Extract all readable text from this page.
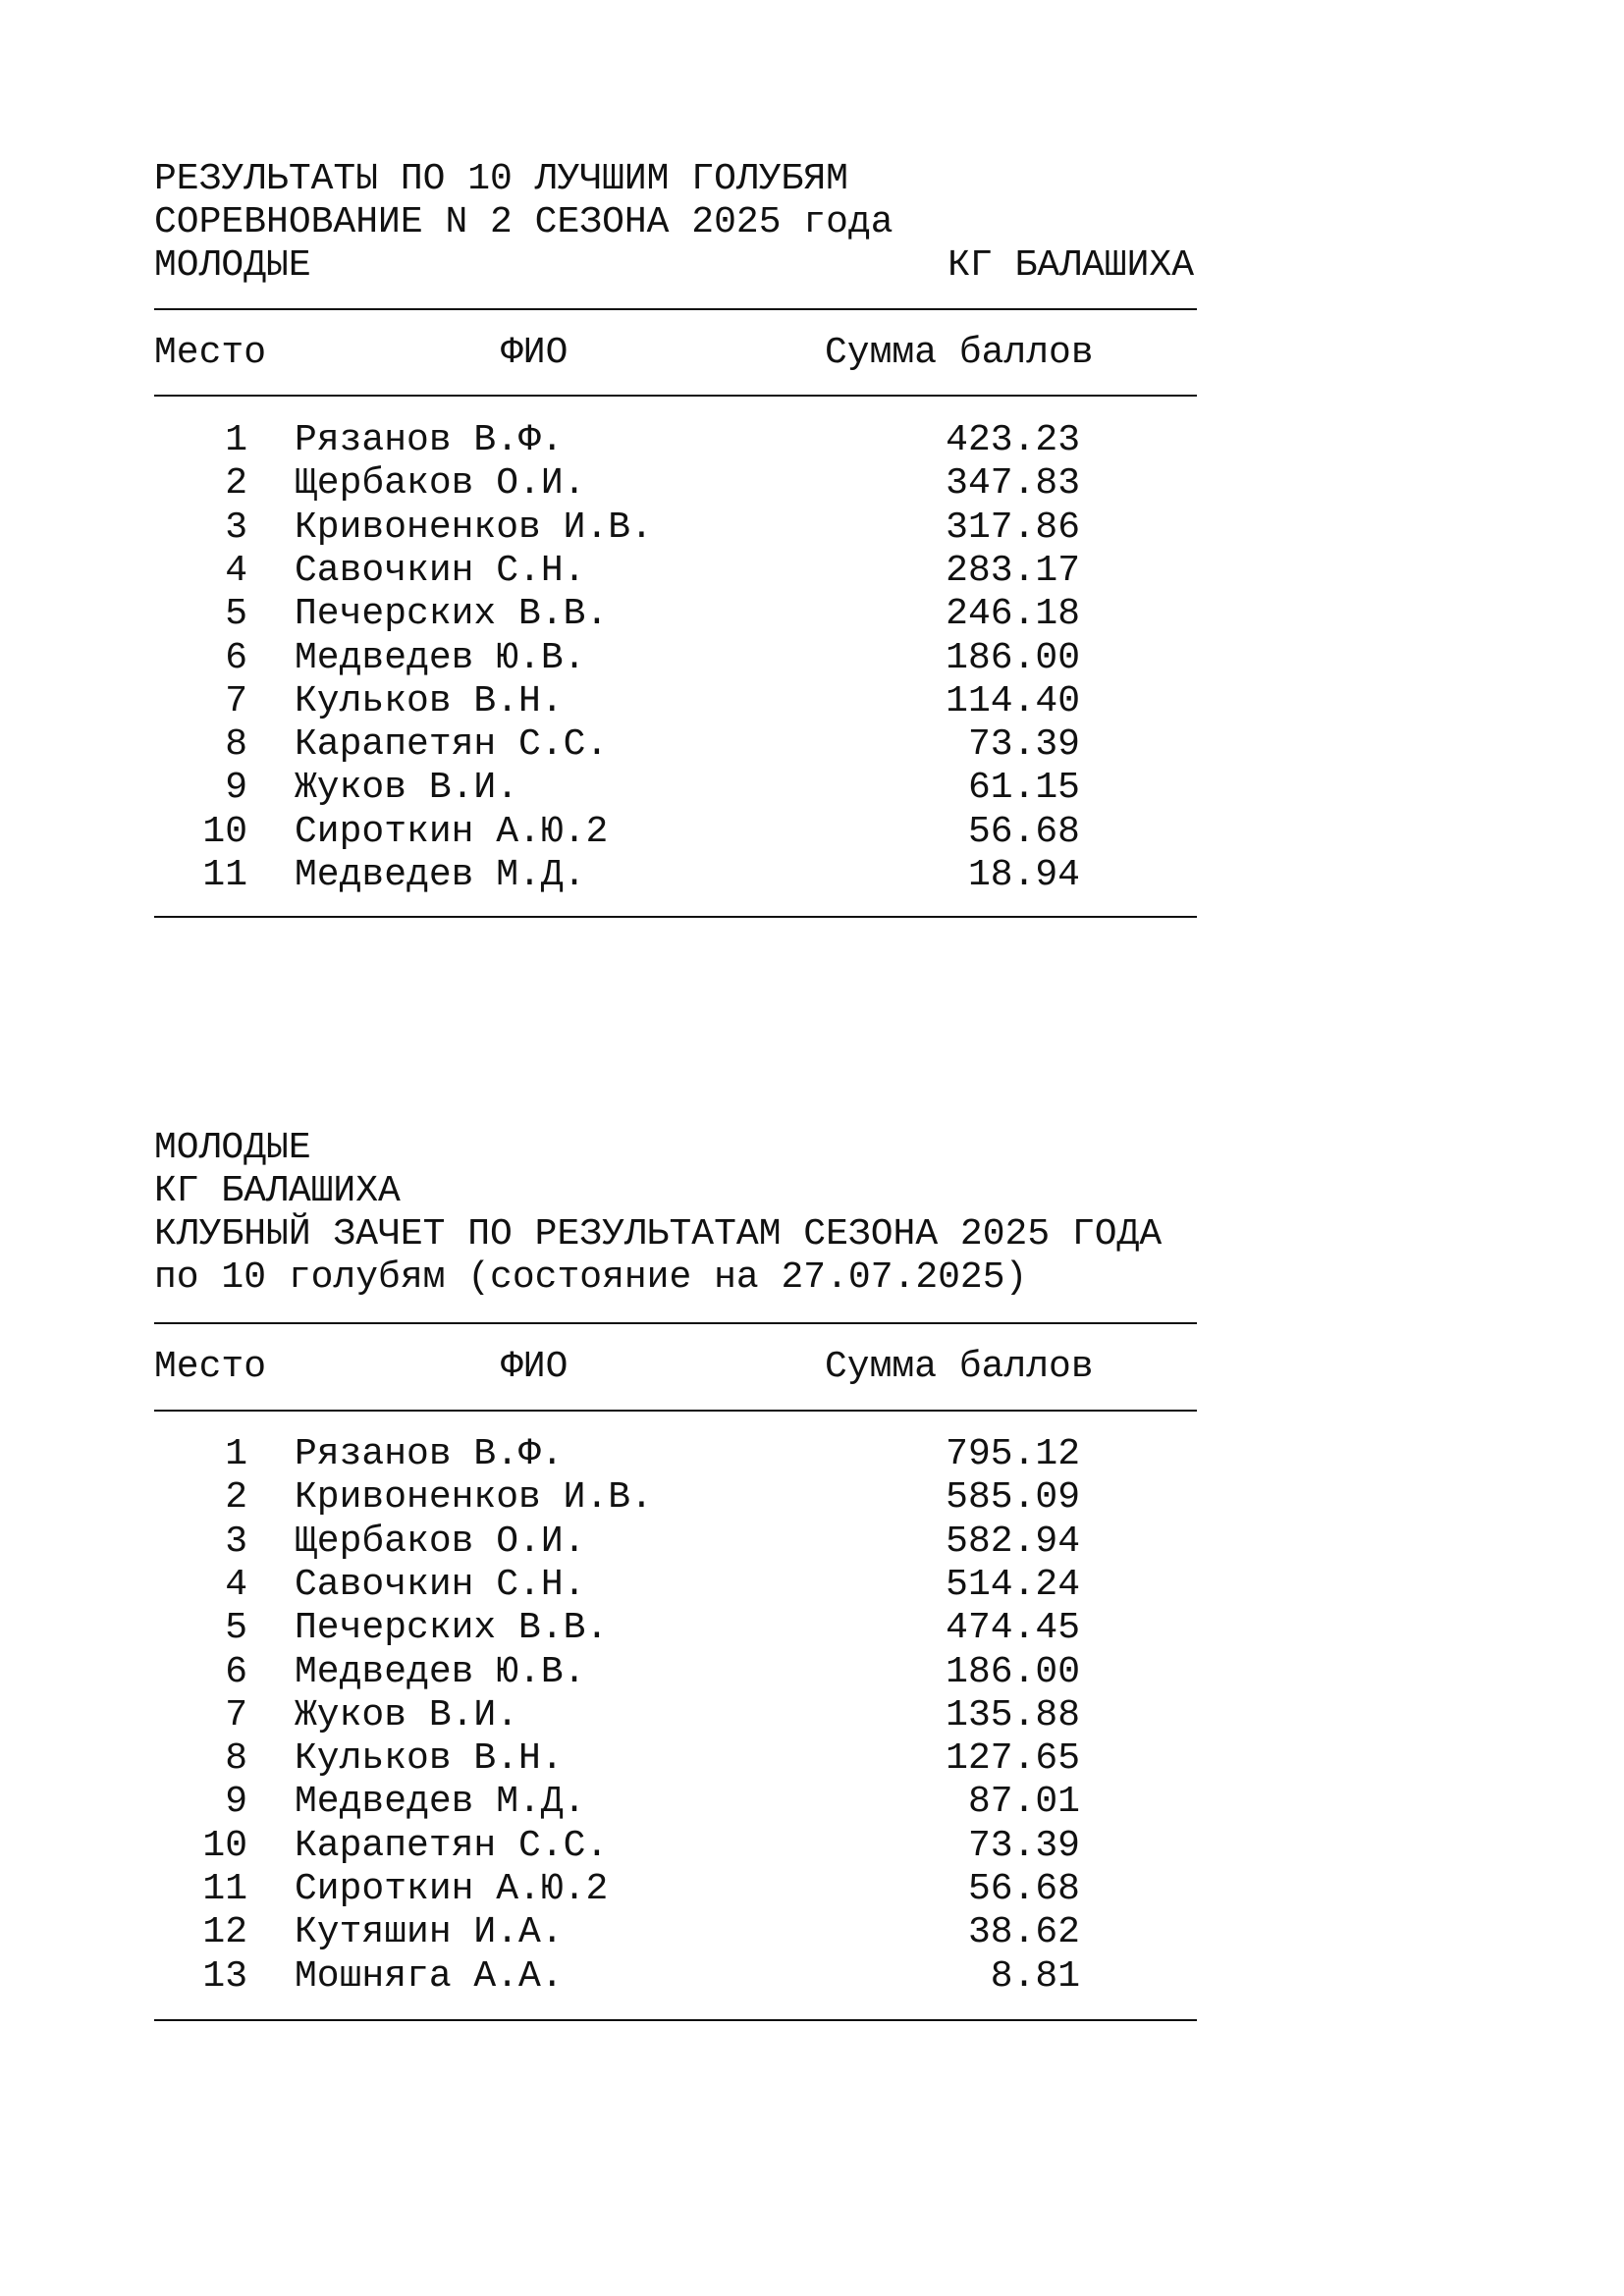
РЕЗУЛЬТАТЫ ПО 10 ЛУЧШИМ ГОЛУБЯМ
СОРЕВНОВАНИЕ N 2 СЕЗОНА 2025 года
МОЛОДЫЕ	КГ БАЛАШИХА
Место	ФИО	Сумма баллов
1 Рязанов В.Ф.	423.23
2 Щербаков О.И.	347.83
3 Кривоненков И.В.	317.86
4 Савочкин С.Н.	283.17
5 Печерских В.В.	246.18
6 Медведев Ю.В.	186.00
7 Кульков В.Н.	114.40
8 Карапетян С.С.	73.39
9 Жуков В.И.	61.15
10 Сироткин А.Ю.2	56.68
11 Медведев М.Д.	18.94
МОЛОДЫЕ
КГ БАЛАШИХА
КЛУБНЫЙ ЗАЧЕТ ПО РЕЗУЛЬТАТАМ СЕЗОНА 2025 ГОДА
по 10 голубям (состояние на 27.07.2025)
Место	ФИО	Сумма баллов
1 Рязанов В.Ф.	795.12
2 Кривоненков И.В.	585.09
3 Щербаков О.И.	582.94
4 Савочкин С.Н.	514.24
5 Печерских В.В.	474.45
6 Медведев Ю.В.	186.00
7 Жуков В.И.	135.88
8 Кульков В.Н.	127.65
9 Медведев М.Д.	87.01
10 Карапетян С.С.	73.39
11 Сироткин А.Ю.2	56.68
12 Кутяшин И.А.	38.62
13 Мошняга А.А.	8.81
